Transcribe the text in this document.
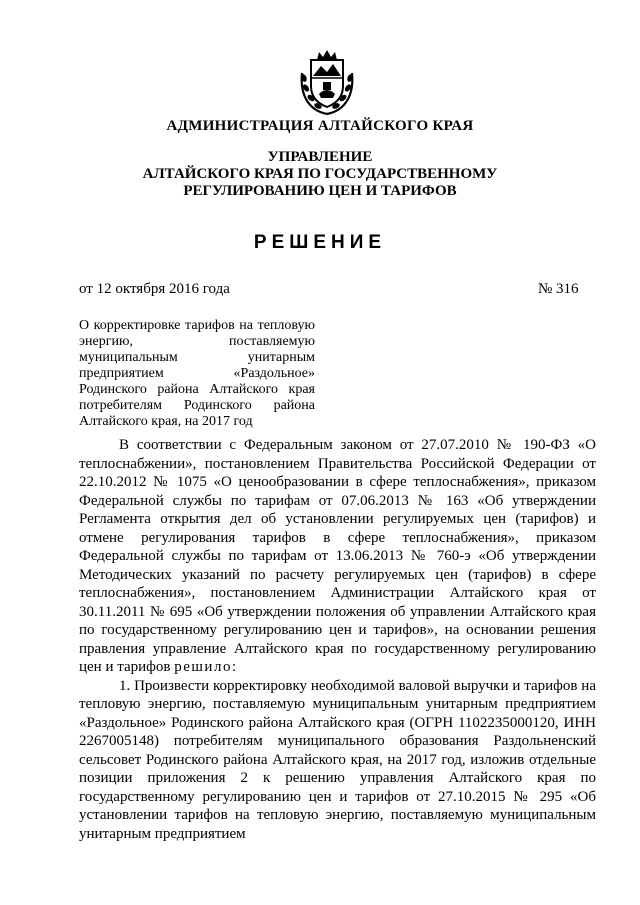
АДМИНИСТРАЦИЯ АЛТАЙСКОГО КРАЯ
УПРАВЛЕНИЕ
АЛТАЙСКОГО КРАЯ ПО ГОСУДАРСТВЕННОМУ
РЕГУЛИРОВАНИЮ ЦЕН И ТАРИФОВ
РЕШЕНИЕ
от 12 октября 2016 года	№ 316
О корректировке тарифов на тепловую энергию, поставляемую муниципальным унитарным предприятием «Раздольное» Родинского района Алтайского края потребителям Родинского района Алтайского края, на 2017 год

В соответствии с Федеральным законом от 27.07.2010 № 190-ФЗ «О теплоснабжении», постановлением Правительства Российской Федерации от 22.10.2012 № 1075 «О ценообразовании в сфере теплоснабжения», приказом Федеральной службы по тарифам от 07.06.2013 № 163 «Об утверждении Регламента открытия дел об установлении регулируемых цен (тарифов) и отмене регулирования тарифов в сфере теплоснабжения», приказом Федеральной службы по тарифам от 13.06.2013 № 760-э «Об утверждении Методических указаний по расчету регулируемых цен (тарифов) в сфере теплоснабжения», постановлением Администрации Алтайского края от 30.11.2011 № 695 «Об утверждении положения об управлении Алтайского края по государственному регулированию цен и тарифов», на основании решения правления управление Алтайского края по государственному регулированию цен и тарифов решило:

1. Произвести корректировку необходимой валовой выручки и тарифов на тепловую энергию, поставляемую муниципальным унитарным предприятием «Раздольное» Родинского района Алтайского края (ОГРН 1102235000120, ИНН 2267005148) потребителям муниципального образования Раздольненский сельсовет Родинского района Алтайского края, на 2017 год, изложив отдельные позиции приложения 2 к решению управления Алтайского края по государственному регулированию цен и тарифов от 27.10.2015 № 295 «Об установлении тарифов на тепловую энергию, поставляемую муниципальным унитарным предприятием
